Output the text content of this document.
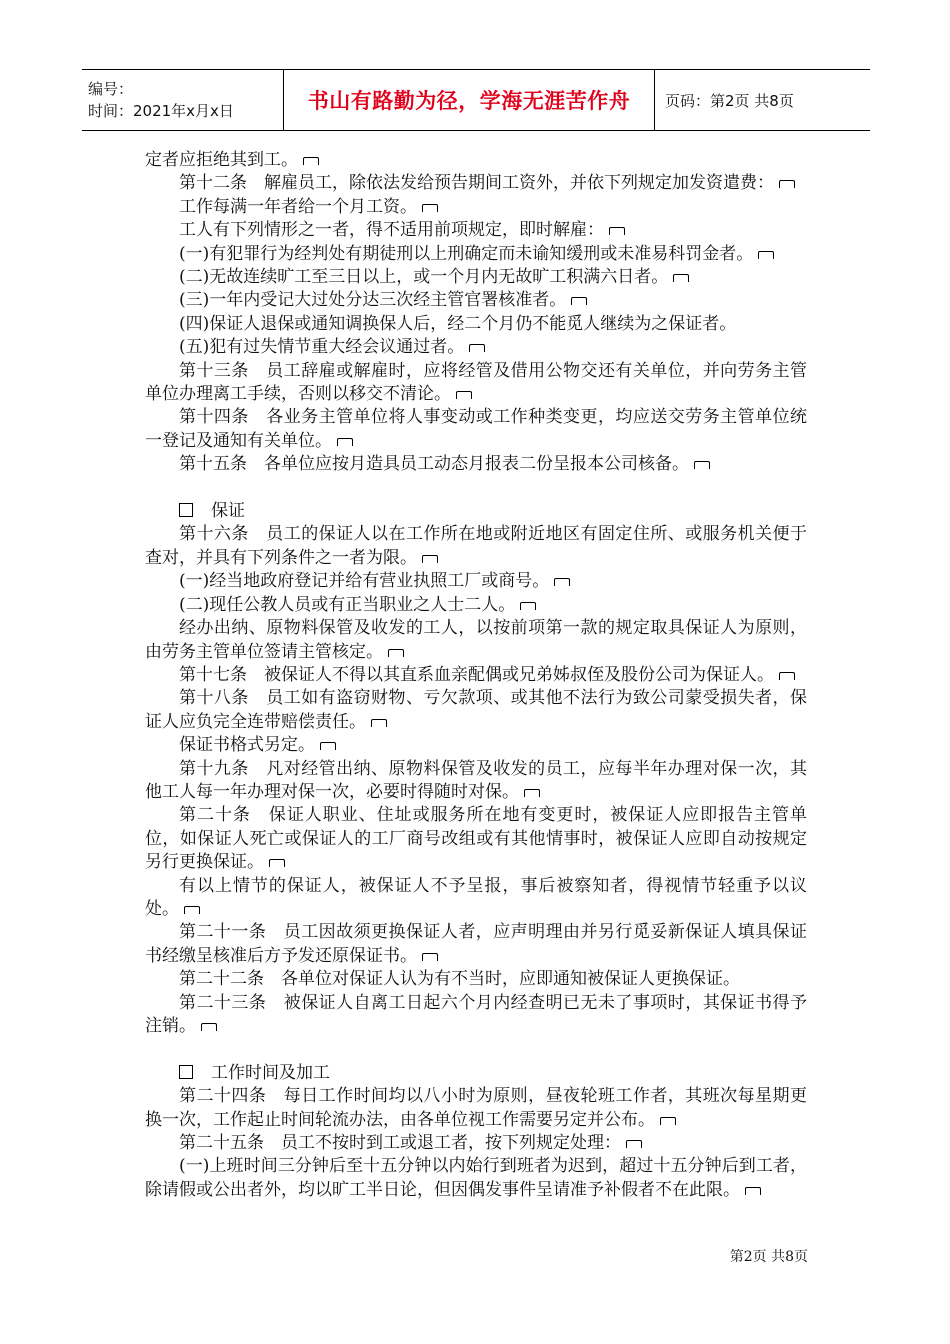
编号：
时间：2021年x月x日	书山有路勤为径，学海无涯苦作舟 页码：第2页 共8页

定者应拒绝其到工。

第十二条　解雇员工，除依法发给预告期间工资外，并依下列规定加发资遣费：

工作每满一年者给一个月工资。

工人有下列情形之一者，得不适用前项规定，即时解雇：

(一)有犯罪行为经判处有期徒刑以上刑确定而未谕知缓刑或未准易科罚金者。

(二)无故连续旷工至三日以上，或一个月内无故旷工积满六日者。

(三)一年内受记大过处分达三次经主管官署核准者。

(四)保证人退保或通知调换保人后，经二个月仍不能觅人继续为之保证者。

(五)犯有过失情节重大经会议通过者。

第十三条　员工辞雇或解雇时，应将经管及借用公物交还有关单位，并向劳务主管单位办理离工手续，否则以移交不清论。

第十四条　各业务主管单位将人事变动或工作种类变更，均应送交劳务主管单位统一登记及通知有关单位。

第十五条　各单位应按月造具员工动态月报表二份呈报本公司核备。

保证

第十六条　员工的保证人以在工作所在地或附近地区有固定住所、或服务机关便于查对，并具有下列条件之一者为限。

(一)经当地政府登记并给有营业执照工厂或商号。

(二)现任公教人员或有正当职业之人士二人。

经办出纳、原物料保管及收发的工人，以按前项第一款的规定取具保证人为原则，由劳务主管单位签请主管核定。

第十七条　被保证人不得以其直系血亲配偶或兄弟姊叔侄及股份公司为保证人。

第十八条　员工如有盗窃财物、亏欠款项、或其他不法行为致公司蒙受损失者，保证人应负完全连带赔偿责任。

保证书格式另定。

第十九条　凡对经管出纳、原物料保管及收发的员工，应每半年办理对保一次，其他工人每一年办理对保一次，必要时得随时对保。

第二十条　保证人职业、住址或服务所在地有变更时，被保证人应即报告主管单位，如保证人死亡或保证人的工厂商号改组或有其他情事时，被保证人应即自动按规定另行更换保证。

有以上情节的保证人，被保证人不予呈报，事后被察知者，得视情节轻重予以议处。

第二十一条　员工因故须更换保证人者，应声明理由并另行觅妥新保证人填具保证书经缴呈核准后方予发还原保证书。

第二十二条　各单位对保证人认为有不当时，应即通知被保证人更换保证。

第二十三条　被保证人自离工日起六个月内经查明已无未了事项时，其保证书得予注销。

工作时间及加工

第二十四条　每日工作时间均以八小时为原则，昼夜轮班工作者，其班次每星期更换一次，工作起止时间轮流办法，由各单位视工作需要另定并公布。

第二十五条　员工不按时到工或退工者，按下列规定处理：

(一)上班时间三分钟后至十五分钟以内始行到班者为迟到，超过十五分钟后到工者，除请假或公出者外，均以旷工半日论，但因偶发事件呈请准予补假者不在此限。

第2页 共8页
